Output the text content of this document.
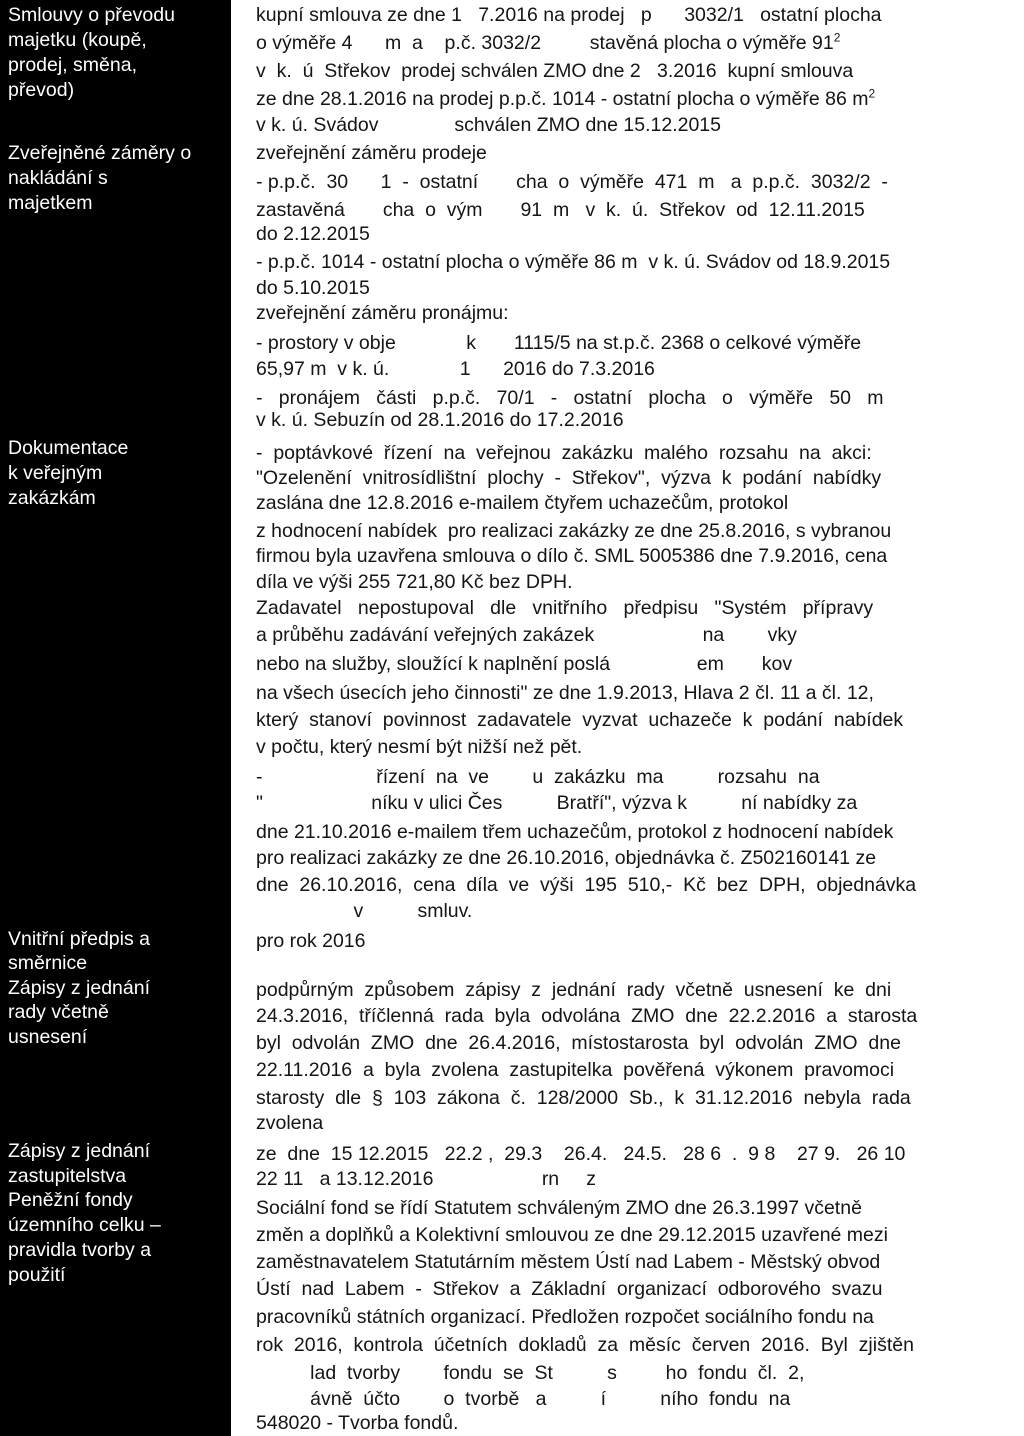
Smlouvy o převodu

majetku (koupě,

prodej, směna,

převod)

kupní smlouva ze dne 1   7.2016 na prodej   p      3032/1   ostatní plocha

o výměře 4      m  a    p.č. 3032/2         stavěná plocha o výměře $91^2$

v  k.  ú  Střekov  prodej schválen ZMO dne 2   3.2016  kupní smlouva

ze dne 28.1.2016 na prodej p.p.č. 1014 - ostatní plocha o výměře 86 $m^2$

v k. ú. Svádov              schválen ZMO dne 15.12.2015

Zveřejněné záměry o

nakládání s

majetkem

zveřejnění záměru prodeje

- p.p.č.  30      1  -  ostatní       cha  o  výměře  471  m   a  p.p.č.  3032/2  -

zastavěná       cha  o  vým       91  m   v  k.  ú.  Střekov  od  12.11.2015

do 2.12.2015

- p.p.č. 1014 - ostatní plocha o výměře 86 m  v k. ú. Svádov od 18.9.2015

do 5.10.2015

zveřejnění záměru pronájmu:

- prostory v obje             k       1115/5 na st.p.č. 2368 o celkové výměře

65,97 m  v k. ú.             1      2016 do 7.3.2016

-   pronájem   části   p.p.č.   70/1   -   ostatní   plocha   o   výměře   50   m

v k. ú. Sebuzín od 28.1.2016 do 17.2.2016

Dokumentace

k veřejným

zakázkám

-  poptávkové  řízení  na  veřejnou  zakázku  malého  rozsahu  na  akci:

"Ozelenění  vnitrosídlištní  plochy  -  Střekov",  výzva  k  podání  nabídky

zaslána dne 12.8.2016 e-mailem čtyřem uchazečům, protokol

z hodnocení nabídek  pro realizaci zakázky ze dne 25.8.2016, s vybranou

firmou byla uzavřena smlouva o dílo č. SML 5005386 dne 7.9.2016, cena

díla ve výši 255 721,80 Kč bez DPH.

Zadavatel   nepostupoval   dle   vnitřního   předpisu   "Systém   přípravy

a průběhu zadávání veřejných zakázek                    na        vky

nebo na služby, sloužící k naplnění poslá                em       kov

na všech úsecích jeho činnosti" ze dne 1.9.2013, Hlava 2 čl. 11 a čl. 12,

který  stanoví  povinnost  zadavatele  vyzvat  uchazeče  k  podání  nabídek

v počtu, který nesmí být nižší než pět.

-                     řízení  na  ve        u  zakázku  ma          rozsahu  na

"                    níku v ulici Čes          Bratří", výzva k          ní nabídky za

dne 21.10.2016 e-mailem třem uchazečům, protokol z hodnocení nabídek

pro realizaci zakázky ze dne 26.10.2016, objednávka č. Z502160141 ze

dne  26.10.2016,  cena  díla  ve  výši  195  510,-  Kč  bez  DPH,  objednávka

v          smluv.

Vnitřní předpis a

směrnice

pro rok 2016

Zápisy z jednání

rady včetně

usnesení

podpůrným  způsobem  zápisy  z  jednání  rady  včetně  usnesení  ke  dni

24.3.2016,  tříčlenná  rada  byla  odvolána  ZMO  dne  22.2.2016  a  starosta

byl  odvolán  ZMO  dne  26.4.2016,  místostarosta  byl  odvolán  ZMO  dne

22.11.2016  a  byla  zvolena  zastupitelka  pověřená  výkonem  pravomoci

starosty  dle  §  103  zákona  č.  128/2000  Sb.,  k  31.12.2016  nebyla  rada

zvolena

Zápisy z jednání

zastupitelstva

ze  dne  15 12.2015   22.2 ,  29.3    26.4.   24.5.   28 6  .  9 8    27 9.   26 10

22 11   a 13.12.2016                    rn     z

Peněžní fondy

územního celku –

pravidla tvorby a

použití

Sociální fond se řídí Statutem schváleným ZMO dne 26.3.1997 včetně

změn a doplňků a Kolektivní smlouvou ze dne 29.12.2015 uzavřené mezi

zaměstnavatelem Statutárním městem Ústí nad Labem - Městský obvod

Ústí  nad  Labem  -  Střekov  a  Základní  organizací  odborového  svazu

pracovníků státních organizací. Předložen rozpočet sociálního fondu na

rok  2016,  kontrola  účetních  dokladů  za  měsíc  červen  2016.  Byl  zjištěn

lad  tvorby        fondu  se  St          s         ho  fondu  čl.  2,

ávně  účto        o  tvorbě   a          í          ního  fondu  na

548020 - Tvorba fondů.
